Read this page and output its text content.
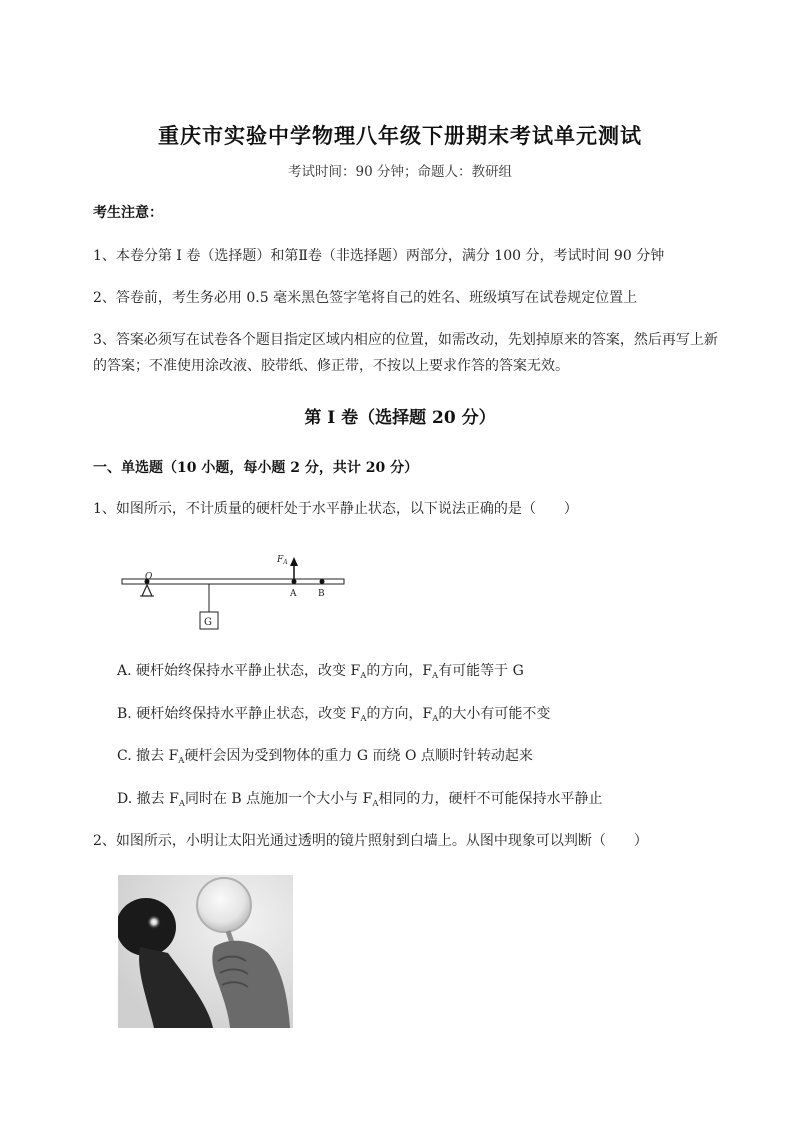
重庆市实验中学物理八年级下册期末考试单元测试
考试时间：90 分钟；命题人：教研组
考生注意：
1、本卷分第 I 卷（选择题）和第Ⅱ卷（非选择题）两部分，满分 100 分，考试时间 90 分钟
2、答卷前，考生务必用 0.5 毫米黑色签字笔将自己的姓名、班级填写在试卷规定位置上
3、答案必须写在试卷各个题目指定区域内相应的位置，如需改动，先划掉原来的答案，然后再写上新
的答案；不准使用涂改液、胶带纸、修正带，不按以上要求作答的答案无效。
第 I 卷（选择题 20 分）
一、单选题（10 小题，每小题 2 分，共计 20 分）
1、如图所示，不计质量的硬杆处于水平静止状态，以下说法正确的是（ ）
O
G
$F_A$
A B
A. 硬杆始终保持水平静止状态，改变 $F_A$的方向，$F_A$有可能等于 G
B. 硬杆始终保持水平静止状态，改变 $F_A$的方向，$F_A$的大小有可能不变
C. 撤去 $F_A$硬杆会因为受到物体的重力 G 而绕 O 点顺时针转动起来
D. 撤去 $F_A$同时在 B 点施加一个大小与 $F_A$相同的力，硬杆不可能保持水平静止
2、如图所示，小明让太阳光通过透明的镜片照射到白墙上。从图中现象可以判断（ ）
